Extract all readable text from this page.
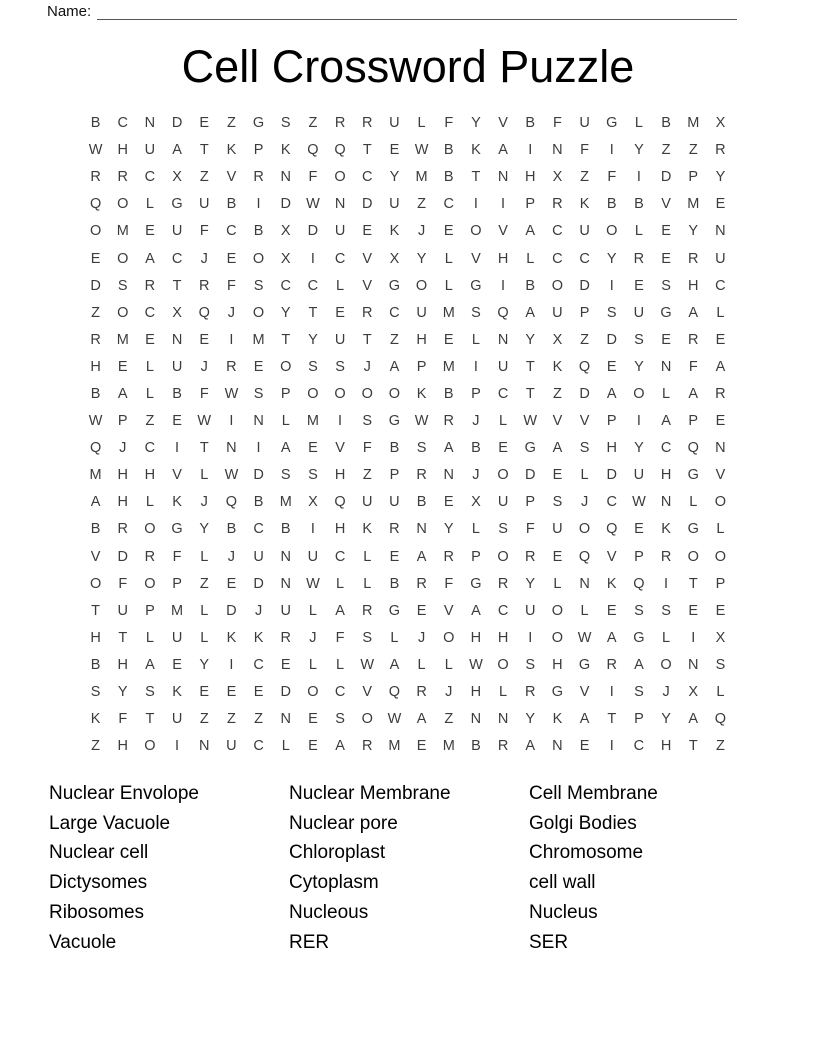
Name:
Cell Crossword Puzzle
B	C	N	D	E	Z	G	S	Z	R	R	U	L	F	Y	V	B	F	U	G	L	B	M	X
W	H	U	A	T	K	P	K	Q	Q	T	E	W	B	K	A	I	N	F	I	Y	Z	Z	R
R	R	C	X	Z	V	R	N	F	O	C	Y	M	B	T	N	H	X	Z	F	I	D	P	Y
Q	O	L	G	U	B	I	D	W	N	D	U	Z	C	I	I	P	R	K	B	B	V	M	E
O	M	E	U	F	C	B	X	D	U	E	K	J	E	O	V	A	C	U	O	L	E	Y	N
E	O	A	C	J	E	O	X	I	C	V	X	Y	L	V	H	L	C	C	Y	R	E	R	U
D	S	R	T	R	F	S	C	C	L	V	G	O	L	G	I	B	O	D	I	E	S	H	C
Z	O	C	X	Q	J	O	Y	T	E	R	C	U	M	S	Q	A	U	P	S	U	G	A	L
R	M	E	N	E	I	M	T	Y	U	T	Z	H	E	L	N	Y	X	Z	D	S	E	R	E
H	E	L	U	J	R	E	O	S	S	J	A	P	M	I	U	T	K	Q	E	Y	N	F	A
B	A	L	B	F	W	S	P	O	O	O	O	K	B	P	C	T	Z	D	A	O	L	A	R
W	P	Z	E	W	I	N	L	M	I	S	G	W	R	J	L	W	V	V	P	I	A	P	E
Q	J	C	I	T	N	I	A	E	V	F	B	S	A	B	E	G	A	S	H	Y	C	Q	N
M	H	H	V	L	W	D	S	S	H	Z	P	R	N	J	O	D	E	L	D	U	H	G	V
A	H	L	K	J	Q	B	M	X	Q	U	U	B	E	X	U	P	S	J	C	W	N	L	O
B	R	O	G	Y	B	C	B	I	H	K	R	N	Y	L	S	F	U	O	Q	E	K	G	L
V	D	R	F	L	J	U	N	U	C	L	E	A	R	P	O	R	E	Q	V	P	R	O	O
O	F	O	P	Z	E	D	N	W	L	L	B	R	F	G	R	Y	L	N	K	Q	I	T	P
T	U	P	M	L	D	J	U	L	A	R	G	E	V	A	C	U	O	L	E	S	S	E	E
H	T	L	U	L	K	K	R	J	F	S	L	J	O	H	H	I	O	W	A	G	L	I	X
B	H	A	E	Y	I	C	E	L	L	W	A	L	L	W	O	S	H	G	R	A	O	N	S
S	Y	S	K	E	E	E	D	O	C	V	Q	R	J	H	L	R	G	V	I	S	J	X	L
K	F	T	U	Z	Z	Z	N	E	S	O	W	A	Z	N	N	Y	K	A	T	P	Y	A	Q
Z	H	O	I	N	U	C	L	E	A	R	M	E	M	B	R	A	N	E	I	C	H	T	Z
Nuclear Envolope
Large Vacuole
Nuclear cell
Dictysomes
Ribosomes
Vacuole
Nuclear Membrane
Nuclear pore
Chloroplast
Cytoplasm
Nucleous
RER
Cell Membrane
Golgi Bodies
Chromosome
cell wall
Nucleus
SER
